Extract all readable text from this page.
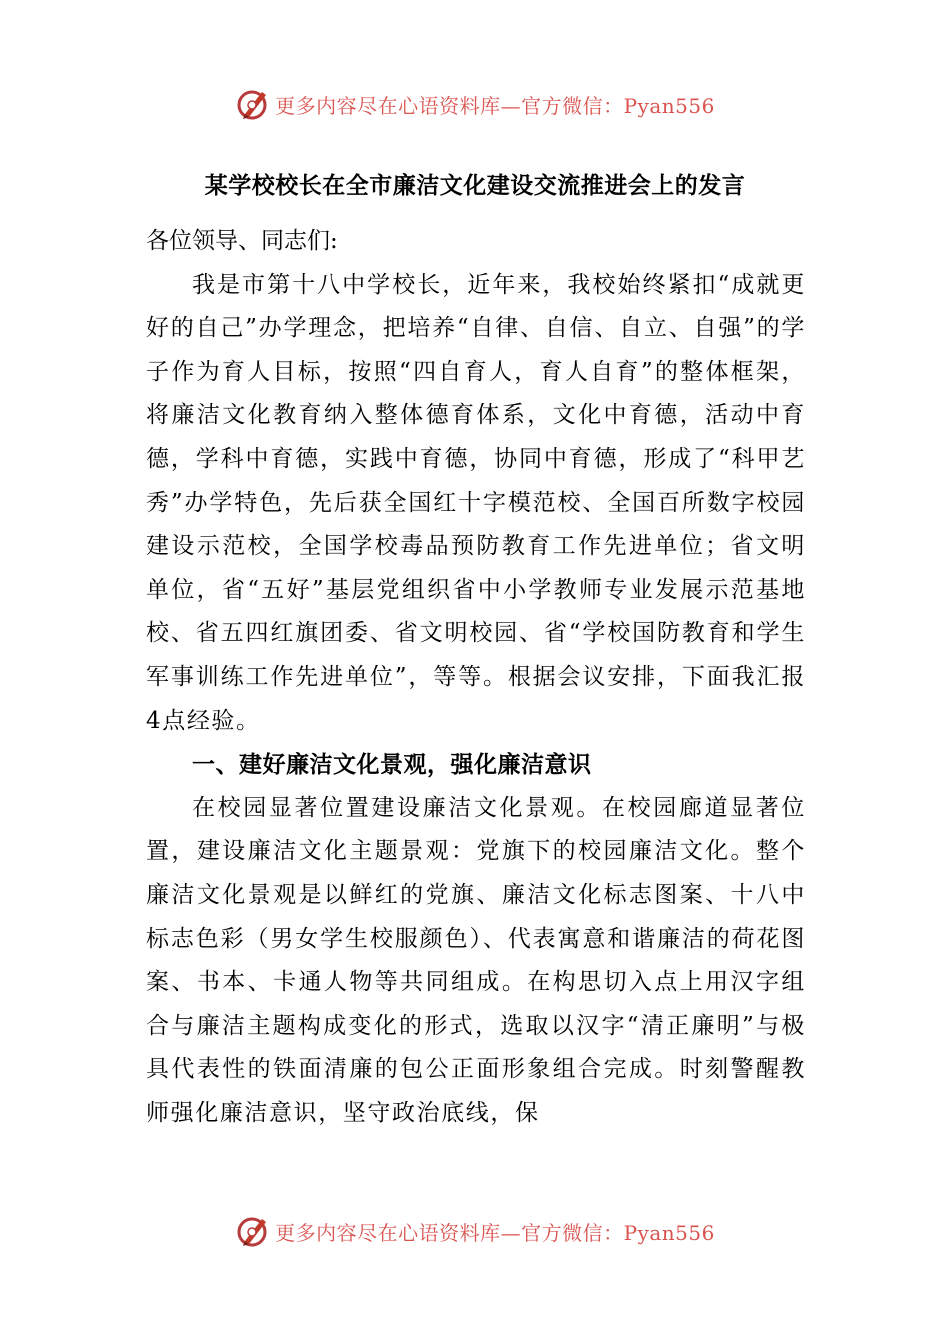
更多内容尽在心语资料库—官方微信：Pyan556
某学校校长在全市廉洁文化建设交流推进会上的发言

各位领导、同志们:

我是市第十八中学校长，近年来，我校始终紧扣“成就更好的自己”办学理念，把培养“自律、自信、自立、自强”的学子作为育人目标，按照“四自育人，育人自育”的整体框架，将廉洁文化教育纳入整体德育体系，文化中育德，活动中育德，学科中育德，实践中育德，协同中育德，形成了“科甲艺秀”办学特色，先后获全国红十字模范校、全国百所数字校园建设示范校，全国学校毒品预防教育工作先进单位；省文明单位，省“五好”基层党组织省中小学教师专业发展示范基地校、省五四红旗团委、省文明校园、省“学校国防教育和学生军事训练工作先进单位”，等等。根据会议安排，下面我汇报4点经验。

一、建好廉洁文化景观，强化廉洁意识

在校园显著位置建设廉洁文化景观。在校园廊道显著位置，建设廉洁文化主题景观：党旗下的校园廉洁文化。整个廉洁文化景观是以鲜红的党旗、廉洁文化标志图案、十八中标志色彩（男女学生校服颜色）、代表寓意和谐廉洁的荷花图案、书本、卡通人物等共同组成。在构思切入点上用汉字组合与廉洁主题构成变化的形式，选取以汉字“清正廉明”与极具代表性的铁面清廉的包公正面形象组合完成。时刻警醒教师强化廉洁意识，坚守政治底线，保

更多内容尽在心语资料库—官方微信：Pyan556
